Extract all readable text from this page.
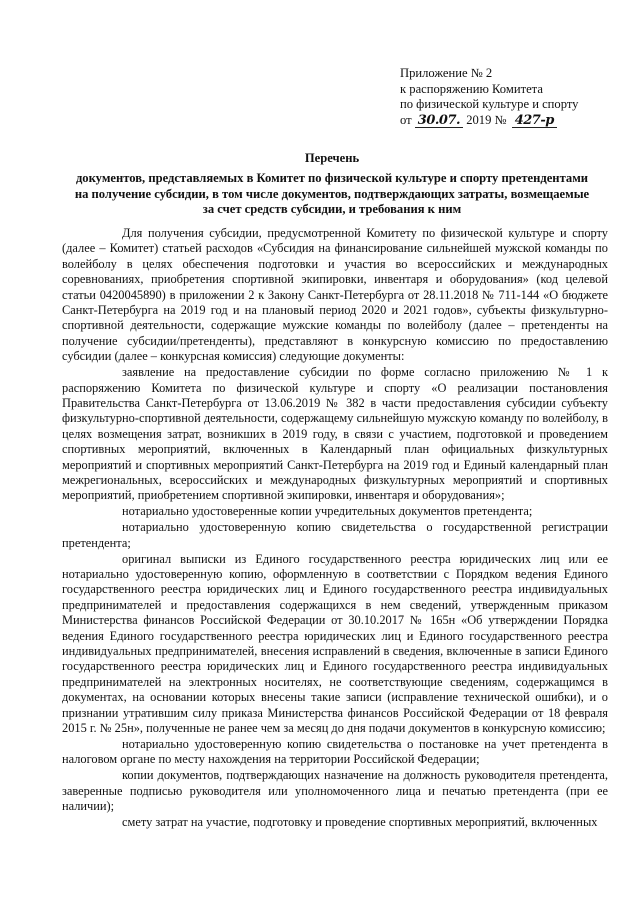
Приложение № 2
к распоряжению Комитета
по физической культуре и спорту
от 30.07. 2019 № 427-р
Перечень
документов, представляемых в Комитет по физической культуре и спорту претендентами
на получение субсидии, в том числе документов, подтверждающих затраты, возмещаемые
за счет средств субсидии, и требования к ним

Для получения субсидии, предусмотренной Комитету по физической культуре и спорту (далее – Комитет) статьей расходов «Субсидия на финансирование сильнейшей мужской команды по волейболу в целях обеспечения подготовки и участия во всероссийских и международных соревнованиях, приобретения спортивной экипировки, инвентаря и оборудования» (код целевой статьи 0420045890) в приложении 2 к Закону Санкт-Петербурга от 28.11.2018 № 711-144 «О бюджете Санкт-Петербурга на 2019 год и на плановый период 2020 и 2021 годов», субъекты физкультурно-спортивной деятельности, содержащие мужские команды по волейболу (далее – претенденты на получение субсидии/претенденты), представляют в конкурсную комиссию по предоставлению субсидии (далее – конкурсная комиссия) следующие документы:

заявление на предоставление субсидии по форме согласно приложению № 1 к распоряжению Комитета по физической культуре и спорту «О реализации постановления Правительства Санкт-Петербурга от 13.06.2019 № 382 в части предоставления субсидии субъекту физкультурно-спортивной деятельности, содержащему сильнейшую мужскую команду по волейболу, в целях возмещения затрат, возникших в 2019 году, в связи с участием, подготовкой и проведением спортивных мероприятий, включенных в Календарный план официальных физкультурных мероприятий и спортивных мероприятий Санкт-Петербурга на 2019 год и Единый календарный план межрегиональных, всероссийских и международных физкультурных мероприятий и спортивных мероприятий, приобретением спортивной экипировки, инвентаря и оборудования»;

нотариально удостоверенные копии учредительных документов претендента;

нотариально удостоверенную копию свидетельства о государственной регистрации претендента;

оригинал выписки из Единого государственного реестра юридических лиц или ее нотариально удостоверенную копию, оформленную в соответствии с Порядком ведения Единого государственного реестра юридических лиц и Единого государственного реестра индивидуальных предпринимателей и предоставления содержащихся в нем сведений, утвержденным приказом Министерства финансов Российской Федерации от 30.10.2017 № 165н «Об утверждении Порядка ведения Единого государственного реестра юридических лиц и Единого государственного реестра индивидуальных предпринимателей, внесения исправлений в сведения, включенные в записи Единого государственного реестра юридических лиц и Единого государственного реестра индивидуальных предпринимателей на электронных носителях, не соответствующие сведениям, содержащимся в документах, на основании которых внесены такие записи (исправление технической ошибки), и о признании утратившим силу приказа Министерства финансов Российской Федерации от 18 февраля 2015 г. № 25н», полученные не ранее чем за месяц до дня подачи документов в конкурсную комиссию;

нотариально удостоверенную копию свидетельства о постановке на учет претендента в налоговом органе по месту нахождения на территории Российской Федерации;

копии документов, подтверждающих назначение на должность руководителя претендента, заверенные подписью руководителя или уполномоченного лица и печатью претендента (при ее наличии);

смету затрат на участие, подготовку и проведение спортивных мероприятий, включенных
